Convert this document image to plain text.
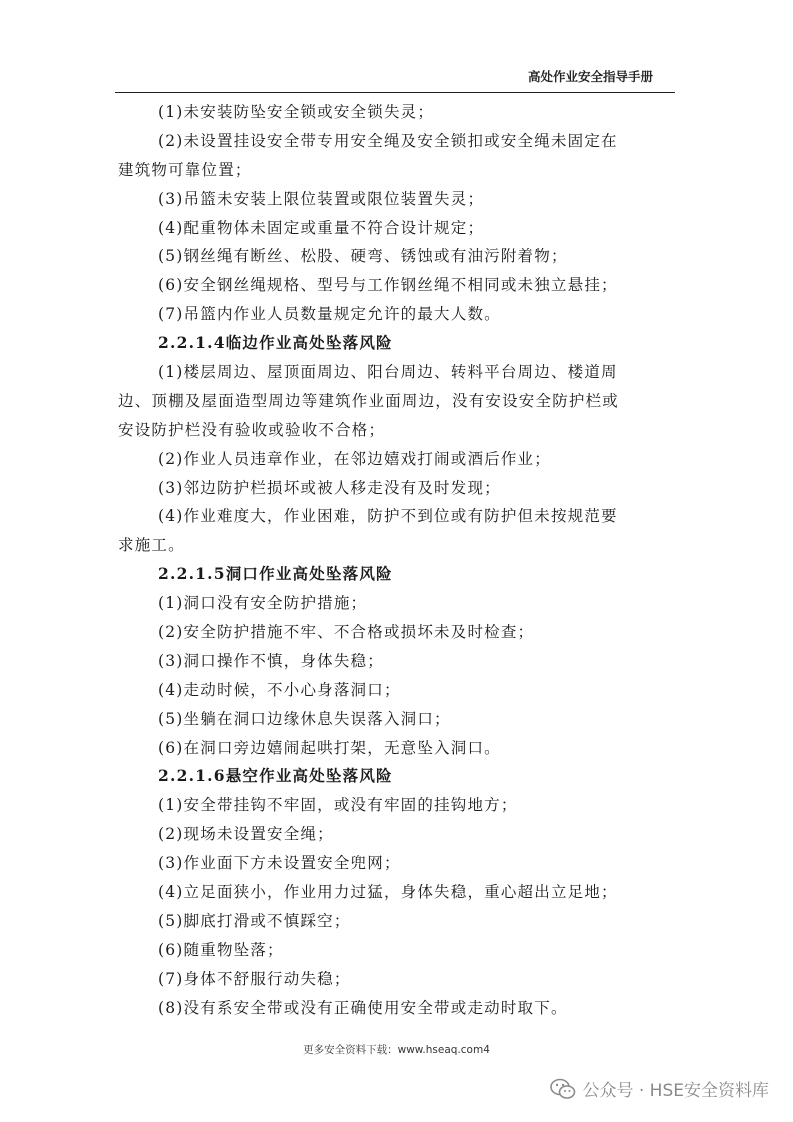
高处作业安全指导手册
(1)未安装防坠安全锁或安全锁失灵；
(2)未设置挂设安全带专用安全绳及安全锁扣或安全绳未固定在
建筑物可靠位置；
(3)吊篮未安装上限位装置或限位装置失灵；
(4)配重物体未固定或重量不符合设计规定；
(5)钢丝绳有断丝、松股、硬弯、锈蚀或有油污附着物；
(6)安全钢丝绳规格、型号与工作钢丝绳不相同或未独立悬挂；
(7)吊篮内作业人员数量规定允许的最大人数。
2.2.1.4临边作业高处坠落风险
(1)楼层周边、屋顶面周边、阳台周边、转料平台周边、楼道周
边、顶棚及屋面造型周边等建筑作业面周边，没有安设安全防护栏或
安设防护栏没有验收或验收不合格；
(2)作业人员违章作业，在邻边嬉戏打闹或酒后作业；
(3)邻边防护栏损坏或被人移走没有及时发现；
(4)作业难度大，作业困难，防护不到位或有防护但未按规范要
求施工。
2.2.1.5洞口作业高处坠落风险
(1)洞口没有安全防护措施；
(2)安全防护措施不牢、不合格或损坏未及时检查；
(3)洞口操作不慎，身体失稳；
(4)走动时候，不小心身落洞口；
(5)坐躺在洞口边缘休息失误落入洞口；
(6)在洞口旁边嬉闹起哄打架，无意坠入洞口。
2.2.1.6悬空作业高处坠落风险
(1)安全带挂钩不牢固，或没有牢固的挂钩地方；
(2)现场未设置安全绳；
(3)作业面下方未设置安全兜网；
(4)立足面狭小，作业用力过猛，身体失稳，重心超出立足地；
(5)脚底打滑或不慎踩空；
(6)随重物坠落；
(7)身体不舒服行动失稳；
(8)没有系安全带或没有正确使用安全带或走动时取下。
更多安全资料下载：www.hseaq.com4
公众号 · HSE安全资料库
